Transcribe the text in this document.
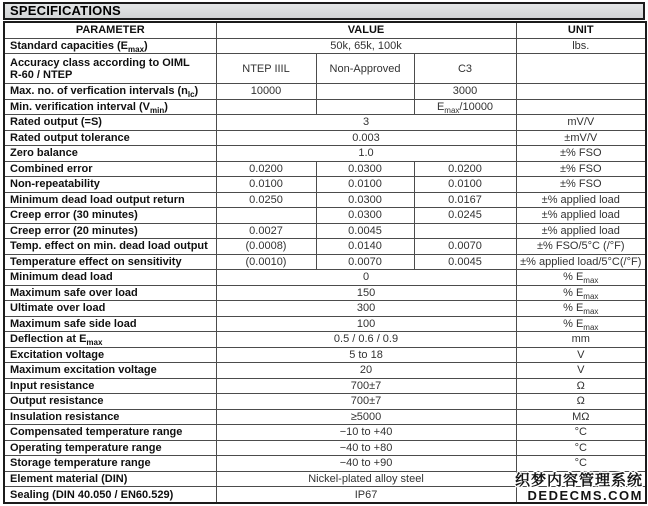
SPECIFICATIONS
PARAMETER	VALUE			UNIT
Standard capacities $(E_{max})$	50k, 65k, 100k			lbs.
Accuracy class according to OIML
R-60 / NTEP	NTEP IIIL	Non-Approved	C3	
Max. no. of verfication intervals $(n_{lc})$	10000		3000	
Min. verification interval $(V_{min})$			$E_{max}/10000$	
Rated output (=S)	3			mV/V
Rated output tolerance	0.003			±mV/V
Zero balance	1.0			±% FSO
Combined error	0.0200	0.0300	0.0200	±% FSO
Non-repeatability	0.0100	0.0100	0.0100	±% FSO
Minimum dead load output return	0.0250	0.0300	0.0167	±% applied load
Creep error (30 minutes)		0.0300	0.0245	±% applied load
Creep error (20 minutes)	0.0027	0.0045		±% applied load
Temp. effect on min. dead load output	(0.0008)	0.0140	0.0070	±% FSO/5°C (/°F)
Temperature effect on sensitivity	(0.0010)	0.0070	0.0045	±% applied load/5°C(/°F)
Minimum dead load	0			% $E_{max}$
Maximum safe over load	150			% $E_{max}$
Ultimate over load	300			% $E_{max}$
Maximum safe side load	100			% $E_{max}$
Deflection at $E_{max}$	0.5 / 0.6 / 0.9			mm
Excitation voltage	5 to 18			V
Maximum excitation voltage	20			V
Input resistance	700±7			Ω
Output resistance	700±7			Ω
Insulation resistance	≥5000			MΩ
Compensated temperature range	−10 to +40			°C
Operating temperature range	−40 to +80			°C
Storage temperature range	−40 to +90			°C
Element material (DIN)	Nickel-plated alloy steel			
Sealing (DIN 40.050 / EN60.529)	IP67			
织梦内容管理系统
DEDECMS.COM
